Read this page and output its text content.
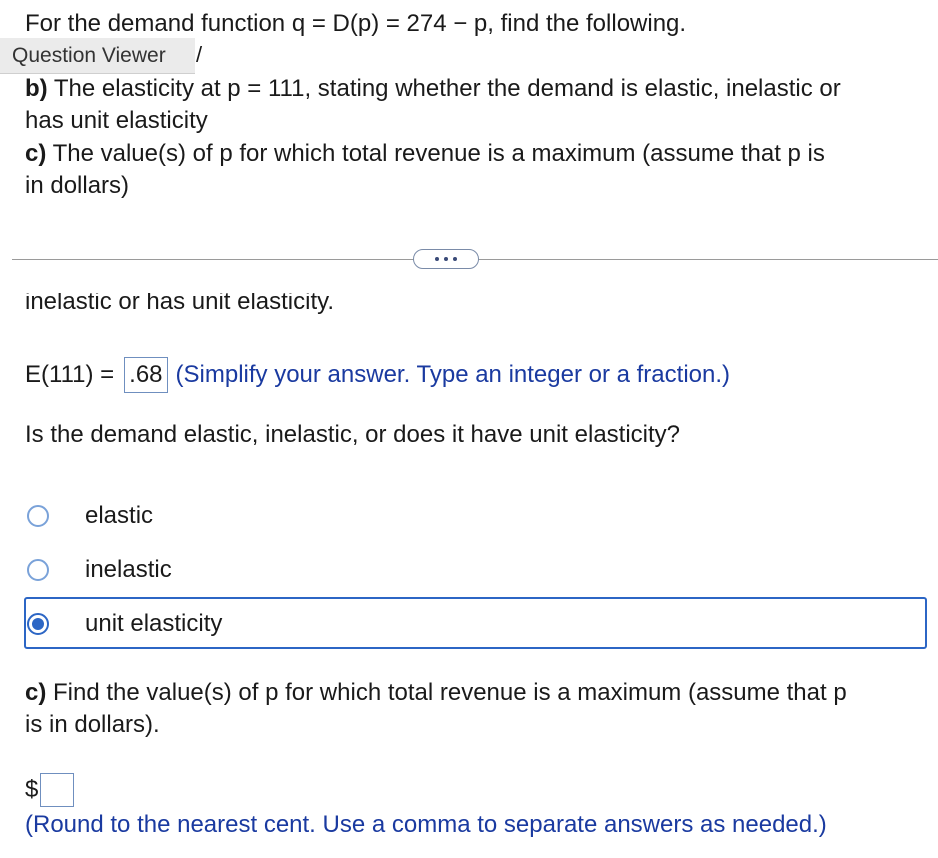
For the demand function q = D(p) = 274 − p, find the following.
Question Viewer	/
b) The elasticity at p = 111, stating whether the demand is elastic, inelastic or
has unit elasticity
c) The value(s) of p for which total revenue is a maximum (assume that p is
in dollars)
inelastic or has unit elasticity.
E(111) = .68 (Simplify your answer. Type an integer or a fraction.)
Is the demand elastic, inelastic, or does it have unit elasticity?
elastic
inelastic
unit elasticity
c) Find the value(s) of p for which total revenue is a maximum (assume that p
is in dollars).
$
(Round to the nearest cent. Use a comma to separate answers as needed.)
